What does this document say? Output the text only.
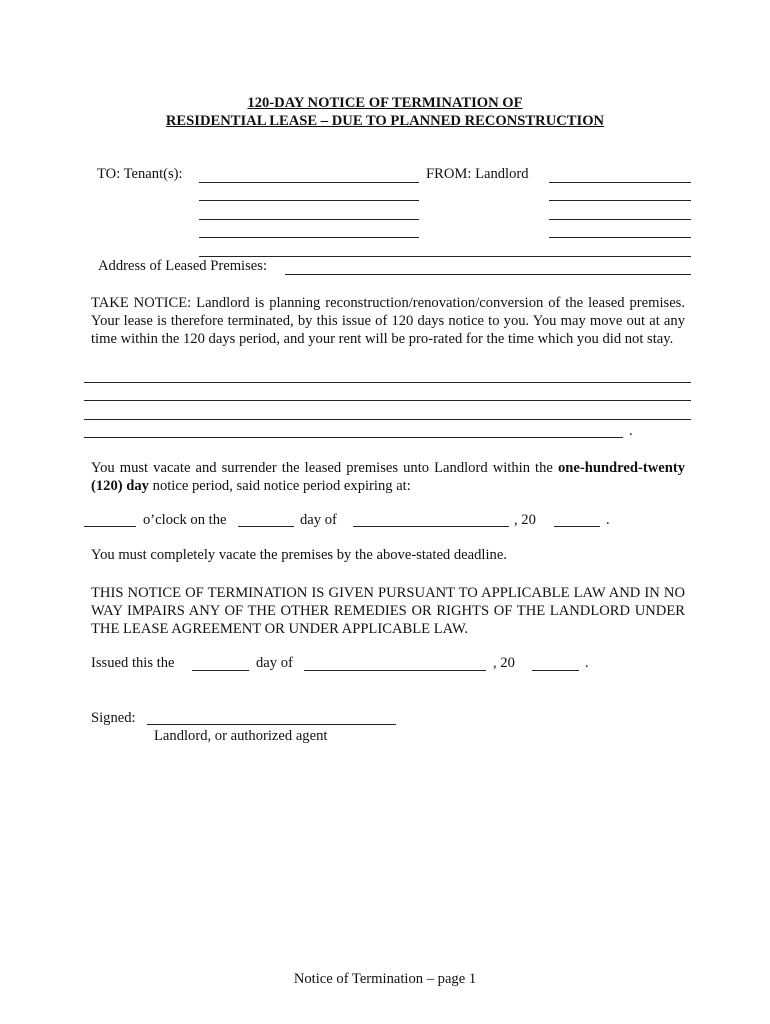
120-DAY NOTICE OF TERMINATION OF
RESIDENTIAL LEASE – DUE TO PLANNED RECONSTRUCTION
TO: Tenant(s):	FROM: Landlord
Address of Leased Premises:
TAKE NOTICE: Landlord is planning reconstruction/renovation/conversion of the leased premises. Your lease is therefore terminated, by this issue of 120 days notice to you. You may move out at any time within the 120 days period, and your rent will be pro-rated for the time which you did not stay.
.
You must vacate and surrender the leased premises unto Landlord within the one-hundred-twenty (120) day notice period, said notice period expiring at:
o’clock on the	day of	, 20	.
You must completely vacate the premises by the above-stated deadline.
THIS NOTICE OF TERMINATION IS GIVEN PURSUANT TO APPLICABLE LAW AND IN NO WAY IMPAIRS ANY OF THE OTHER REMEDIES OR RIGHTS OF THE LANDLORD UNDER THE LEASE AGREEMENT OR UNDER APPLICABLE LAW.
Issued this the	day of	, 20	.
Signed:
Landlord, or authorized agent
Notice of Termination – page 1
